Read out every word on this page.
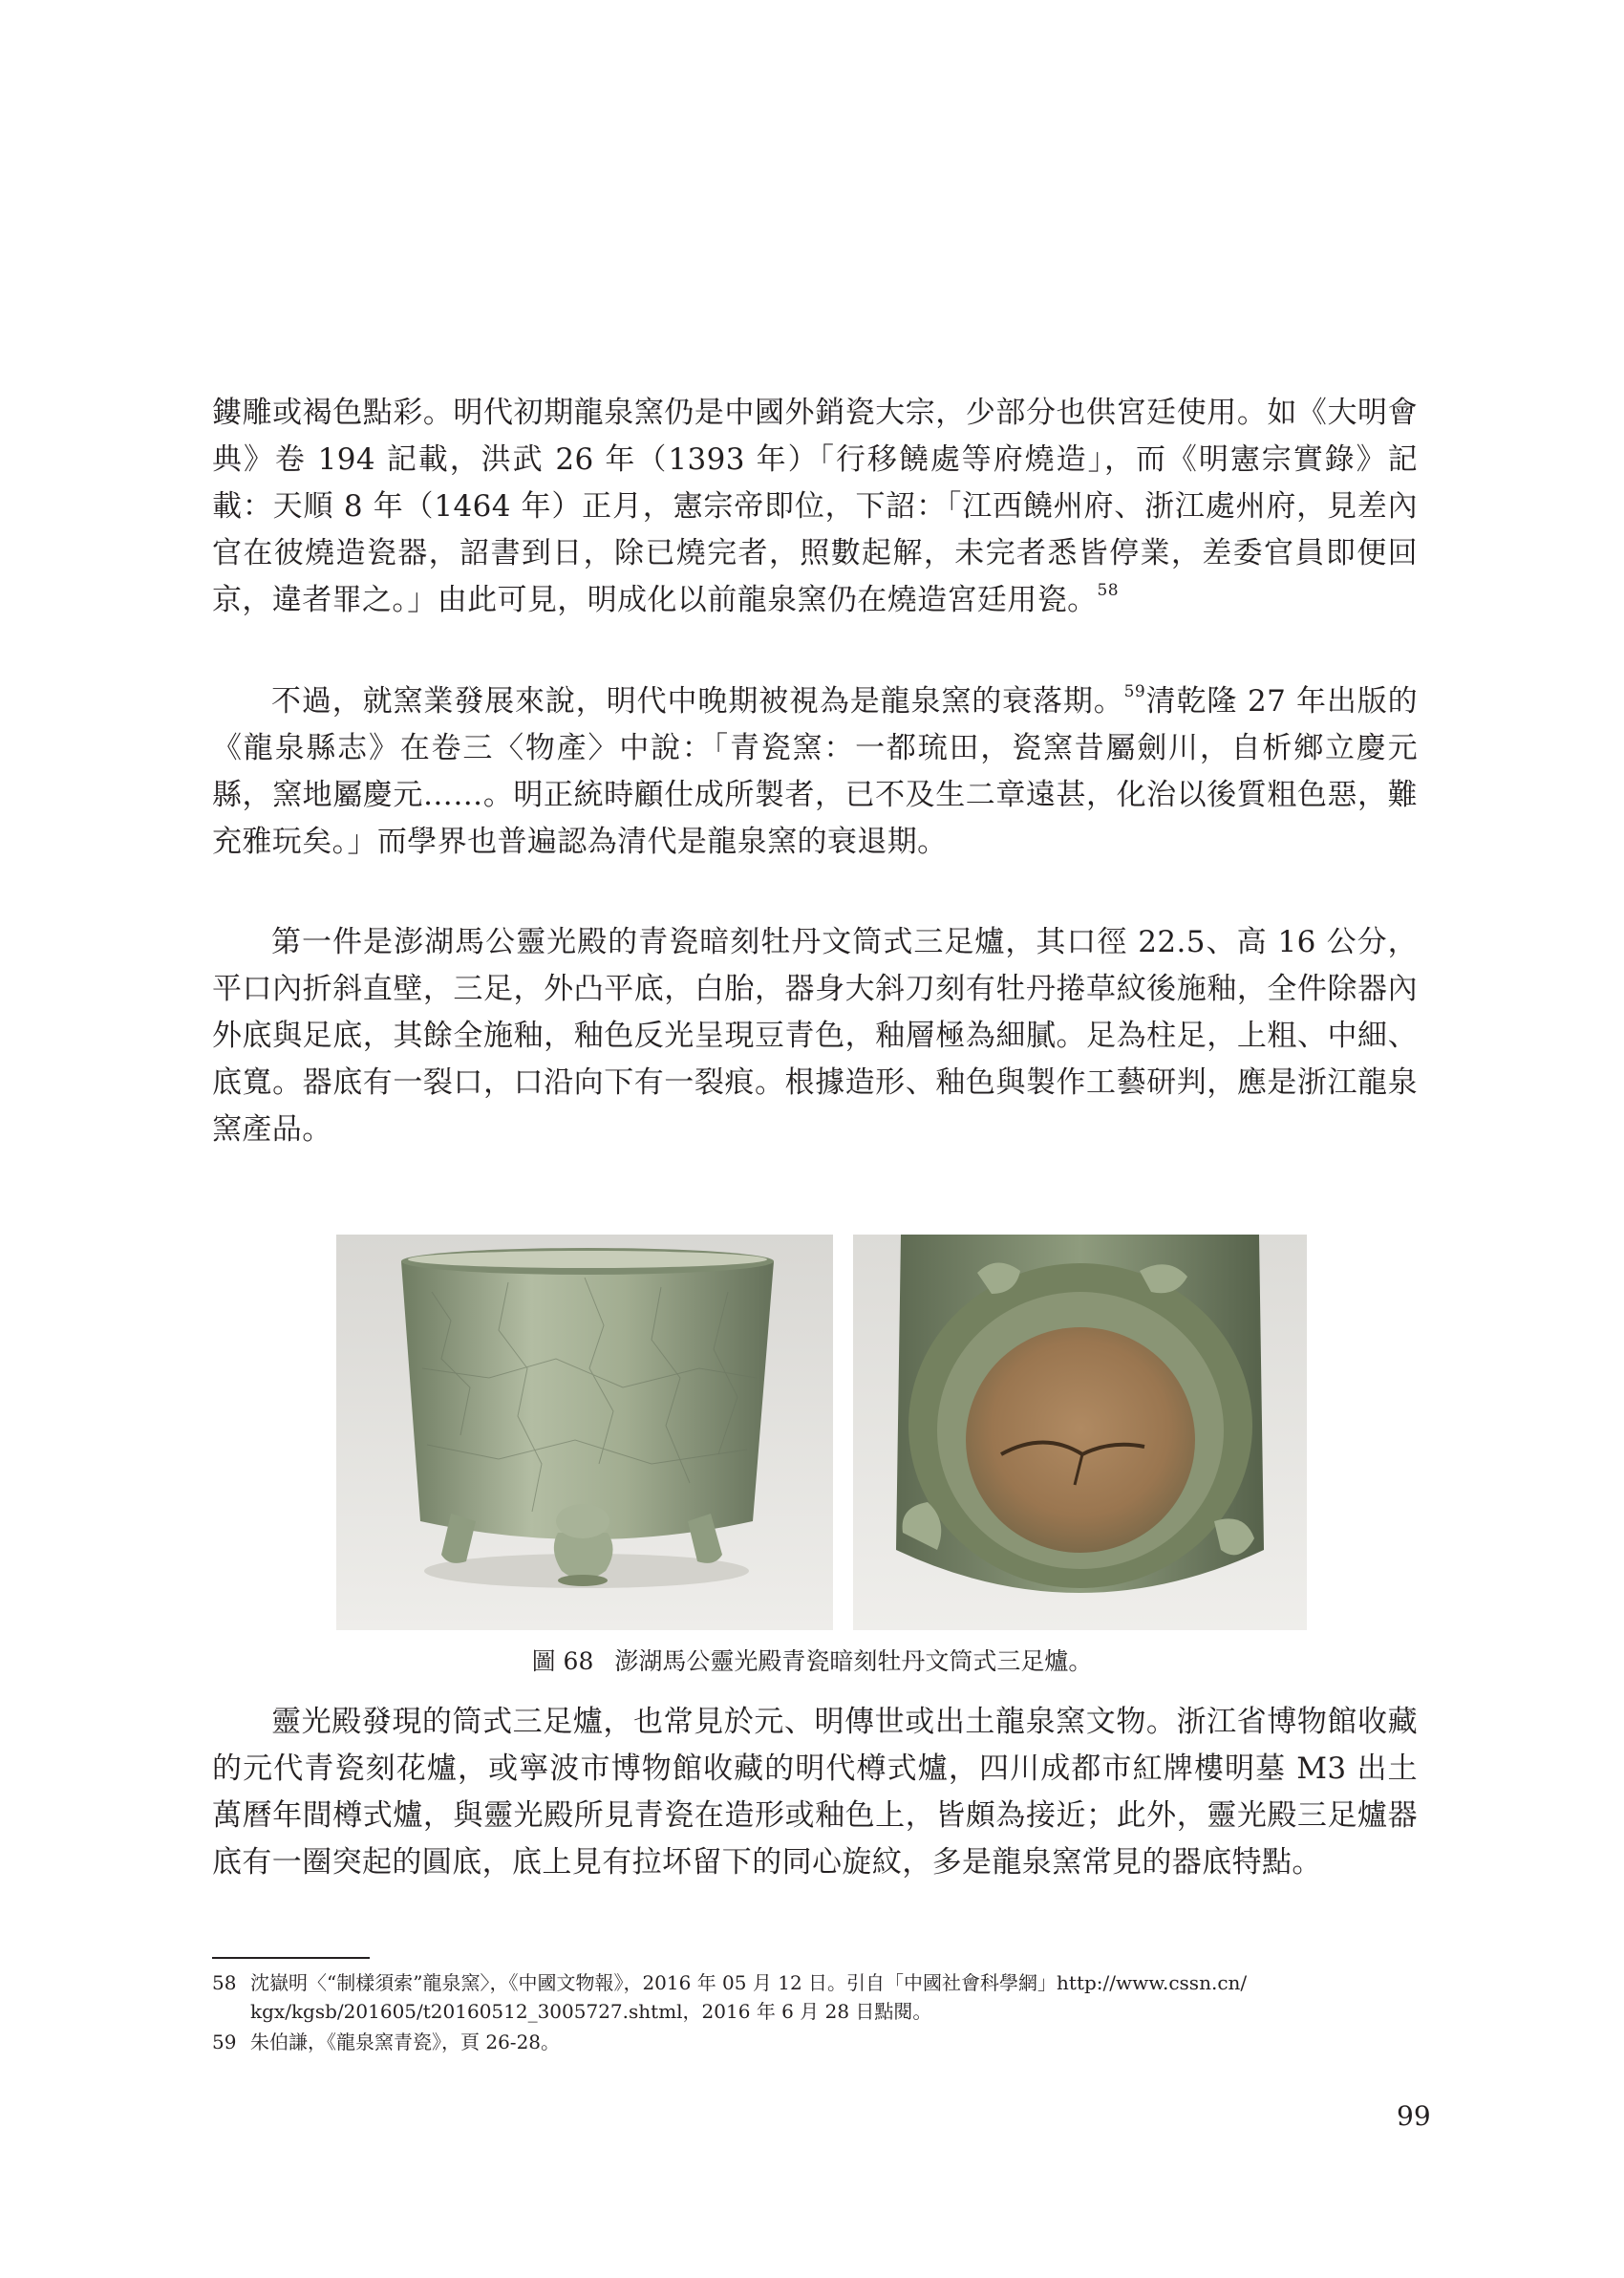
鏤雕或褐色點彩。明代初期龍泉窯仍是中國外銷瓷大宗，少部分也供宮廷使用。如《大明會典》卷 194 記載，洪武 26 年（1393 年）「行移饒處等府燒造」，而《明憲宗實錄》記載：天順 8 年（1464 年）正月，憲宗帝即位，下詔：「江西饒州府、浙江處州府，見差內官在彼燒造瓷器，詔書到日，除已燒完者，照數起解，未完者悉皆停業，差委官員即便回京，違者罪之。」由此可見，明成化以前龍泉窯仍在燒造宮廷用瓷。$^{58}$

不過，就窯業發展來說，明代中晚期被視為是龍泉窯的衰落期。$^{59}$清乾隆 27 年出版的《龍泉縣志》在卷三〈物產〉中說：「青瓷窯：一都琉田，瓷窯昔屬劍川，自析鄉立慶元縣，窯地屬慶元……。明正統時顧仕成所製者，已不及生二章遠甚，化治以後質粗色惡，難充雅玩矣。」而學界也普遍認為清代是龍泉窯的衰退期。

第一件是澎湖馬公靈光殿的青瓷暗刻牡丹文筒式三足爐，其口徑 22.5、高 16 公分，平口內折斜直壁，三足，外凸平底，白胎，器身大斜刀刻有牡丹捲草紋後施釉，全件除器內外底與足底，其餘全施釉，釉色反光呈現豆青色，釉層極為細膩。足為柱足，上粗、中細、底寬。器底有一裂口，口沿向下有一裂痕。根據造形、釉色與製作工藝研判，應是浙江龍泉窯產品。

圖 68 澎湖馬公靈光殿青瓷暗刻牡丹文筒式三足爐。

靈光殿發現的筒式三足爐，也常見於元、明傳世或出土龍泉窯文物。浙江省博物館收藏的元代青瓷刻花爐，或寧波市博物館收藏的明代樽式爐，四川成都市紅牌樓明墓 M3 出土萬曆年間樽式爐，與靈光殿所見青瓷在造形或釉色上，皆頗為接近；此外，靈光殿三足爐器底有一圈突起的圓底，底上見有拉坏留下的同心旋紋，多是龍泉窯常見的器底特點。

58 沈嶽明〈“制樣須索”龍泉窯〉，《中國文物報》，2016 年 05 月 12 日。引自「中國社會科學網」http://www.cssn.cn/
kgx/kgsb/201605/t20160512_3005727.shtml，2016 年 6 月 28 日點閱。

59 朱伯謙，《龍泉窯青瓷》，頁 26-28。

99
